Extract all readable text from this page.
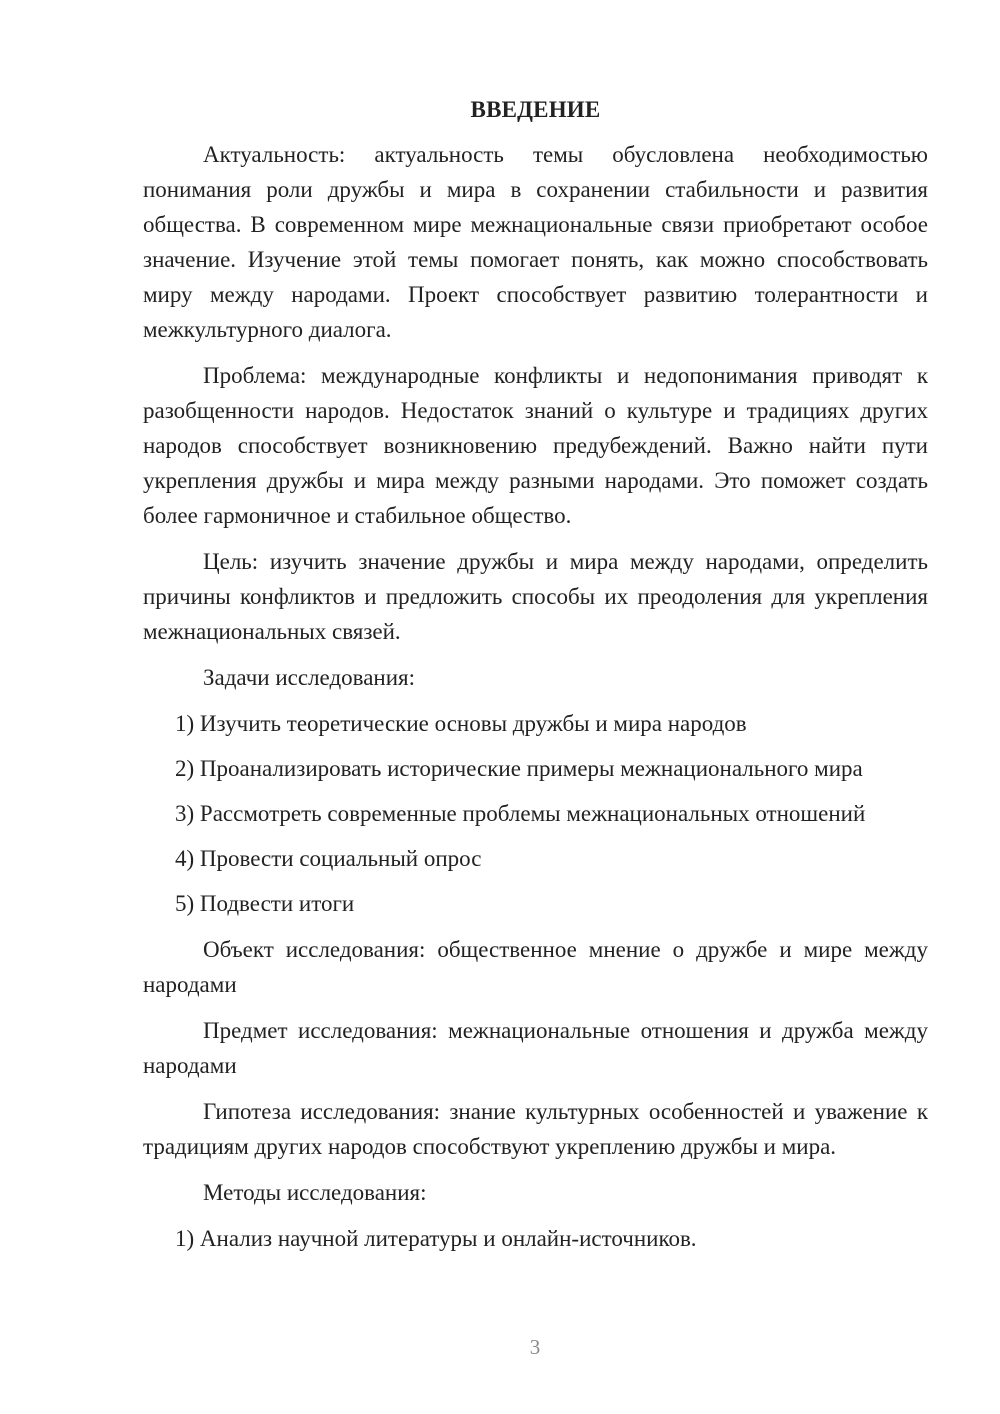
ВВЕДЕНИЕ

Актуальность: актуальность темы обусловлена необходимостью понимания роли дружбы и мира в сохранении стабильности и развития общества. В современном мире межнациональные связи приобретают особое значение. Изучение этой темы помогает понять, как можно способствовать миру между народами. Проект способствует развитию толерантности и межкультурного диалога.

Проблема: международные конфликты и недопонимания приводят к разобщенности народов. Недостаток знаний о культуре и традициях других народов способствует возникновению предубеждений. Важно найти пути укрепления дружбы и мира между разными народами. Это поможет создать более гармоничное и стабильное общество.

Цель: изучить значение дружбы и мира между народами, определить причины конфликтов и предложить способы их преодоления для укрепления межнациональных связей.

Задачи исследования:

1) Изучить теоретические основы дружбы и мира народов
2) Проанализировать исторические примеры межнационального мира
3) Рассмотреть современные проблемы межнациональных отношений
4) Провести социальный опрос
5) Подвести итоги

Объект исследования: общественное мнение о дружбе и мире между народами

Предмет исследования: межнациональные отношения и дружба между народами

Гипотеза исследования: знание культурных особенностей и уважение к традициям других народов способствуют укреплению дружбы и мира.

Методы исследования:

1) Анализ научной литературы и онлайн-источников.
3
